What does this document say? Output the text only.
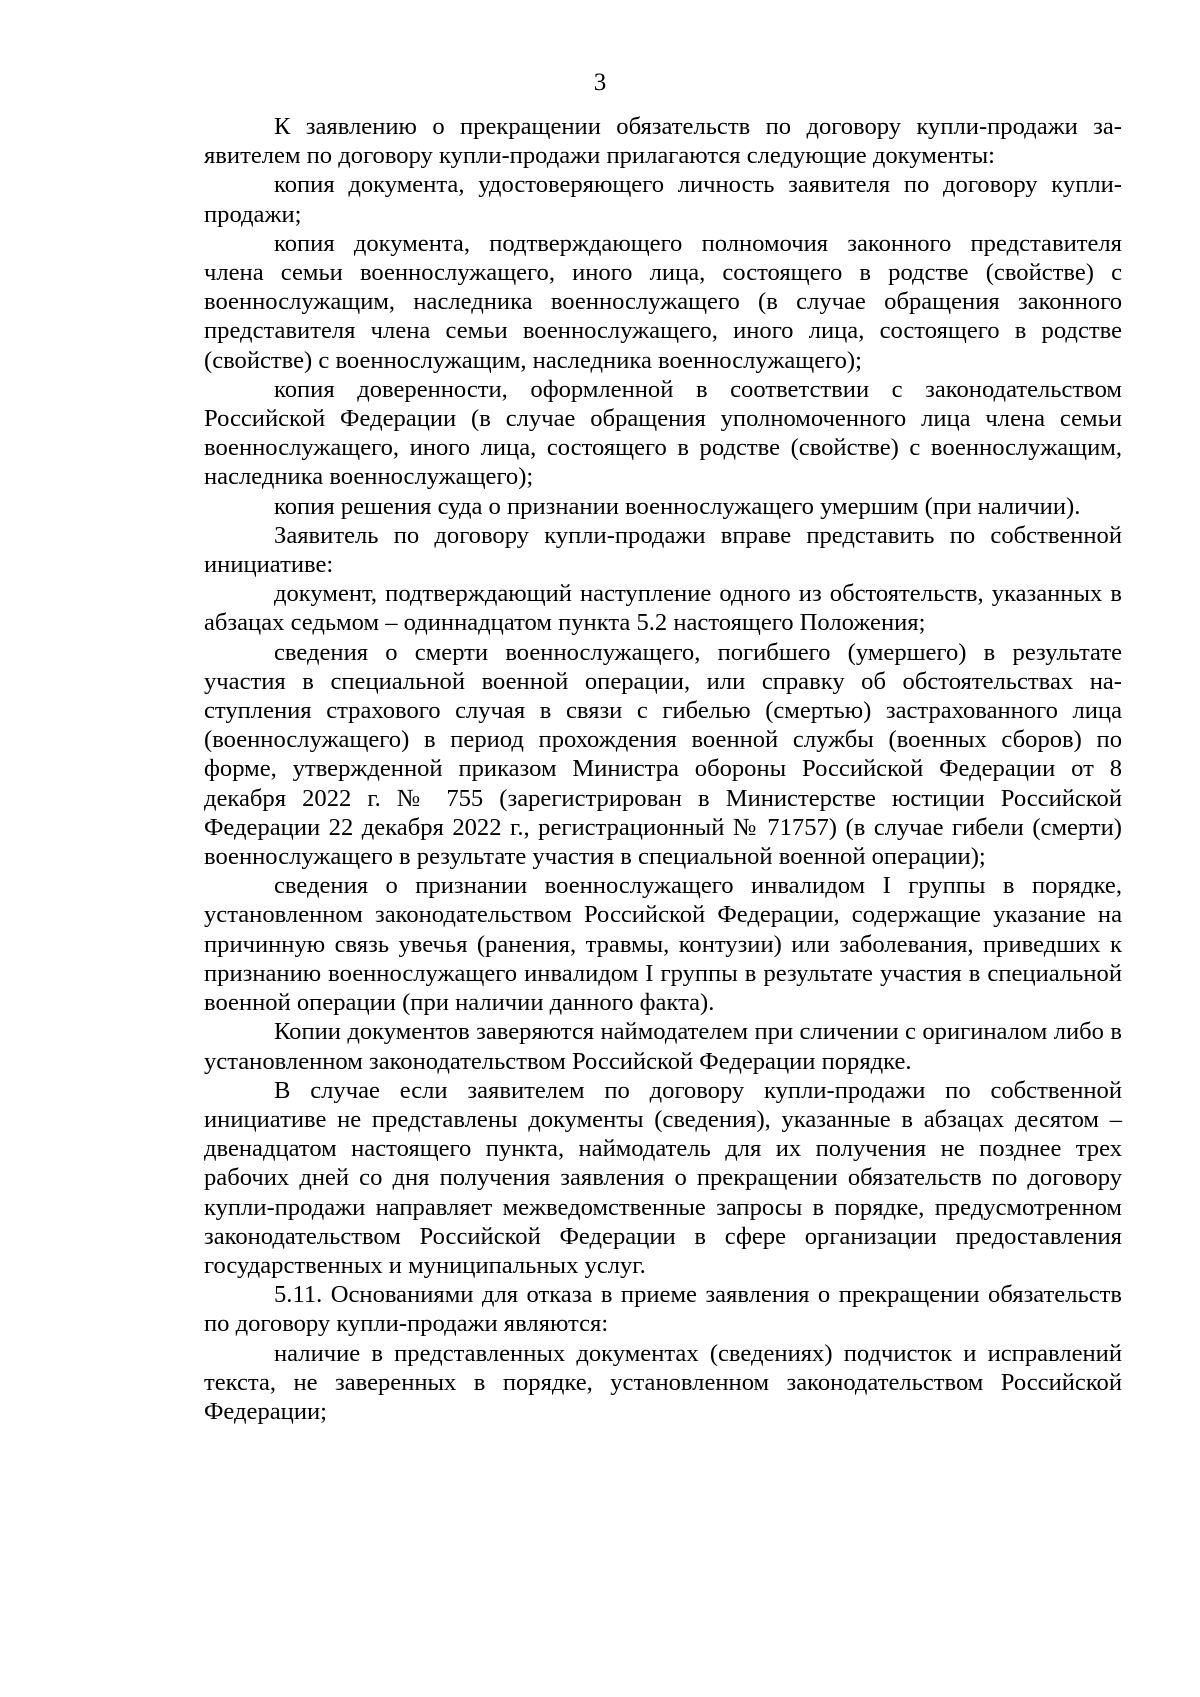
3

К заявлению о прекращении обязательств по договору купли-продажи заявителем по договору купли-продажи прилагаются следующие документы:

копия документа, удостоверяющего личность заявителя по договору купли-продажи;

копия документа, подтверждающего полномочия законного представителя члена семьи военнослужащего, иного лица, состоящего в родстве (свойстве) с военнослужащим, наследника военнослужащего (в случае обращения законного представителя члена семьи военнослужащего, иного лица, состоящего в родстве (свойстве) с военнослужащим, наследника военнослужащего);

копия доверенности, оформленной в соответствии с законодательством Российской Федерации (в случае обращения уполномоченного лица члена семьи военнослужащего, иного лица, состоящего в родстве (свойстве) с военнослужащим, наследника военнослужащего);

копия решения суда о признании военнослужащего умершим (при наличии).

Заявитель по договору купли-продажи вправе представить по собственной инициативе:

документ, подтверждающий наступление одного из обстоятельств, указанных в абзацах седьмом – одиннадцатом пункта 5.2 настоящего Положения;

сведения о смерти военнослужащего, погибшего (умершего) в результате участия в специальной военной операции, или справку об обстоятельствах наступления страхового случая в связи с гибелью (смертью) застрахованного лица (военнослужащего) в период прохождения военной службы (военных сборов) по форме, утвержденной приказом Министра обороны Российской Федерации от 8 декабря 2022 г. № 755 (зарегистрирован в Министерстве юстиции Российской Федерации 22 декабря 2022 г., регистрационный № 71757) (в случае гибели (смерти) военнослужащего в результате участия в специальной военной операции);

сведения о признании военнослужащего инвалидом I группы в порядке, установленном законодательством Российской Федерации, содержащие указание на причинную связь увечья (ранения, травмы, контузии) или заболевания, приведших к признанию военнослужащего инвалидом I группы в результате участия в специальной военной операции (при наличии данного факта).

Копии документов заверяются наймодателем при сличении с оригиналом либо в установленном законодательством Российской Федерации порядке.

В случае если заявителем по договору купли-продажи по собственной инициативе не представлены документы (сведения), указанные в абзацах десятом – двенадцатом настоящего пункта, наймодатель для их получения не позднее трех рабочих дней со дня получения заявления о прекращении обязательств по договору купли-продажи направляет межведомственные запросы в порядке, предусмотренном законодательством Российской Федерации в сфере организации предоставления государственных и муниципальных услуг.

5.11. Основаниями для отказа в приеме заявления о прекращении обязательств по договору купли-продажи являются:

наличие в представленных документах (сведениях) подчисток и исправлений текста, не заверенных в порядке, установленном законодательством Российской Федерации;
